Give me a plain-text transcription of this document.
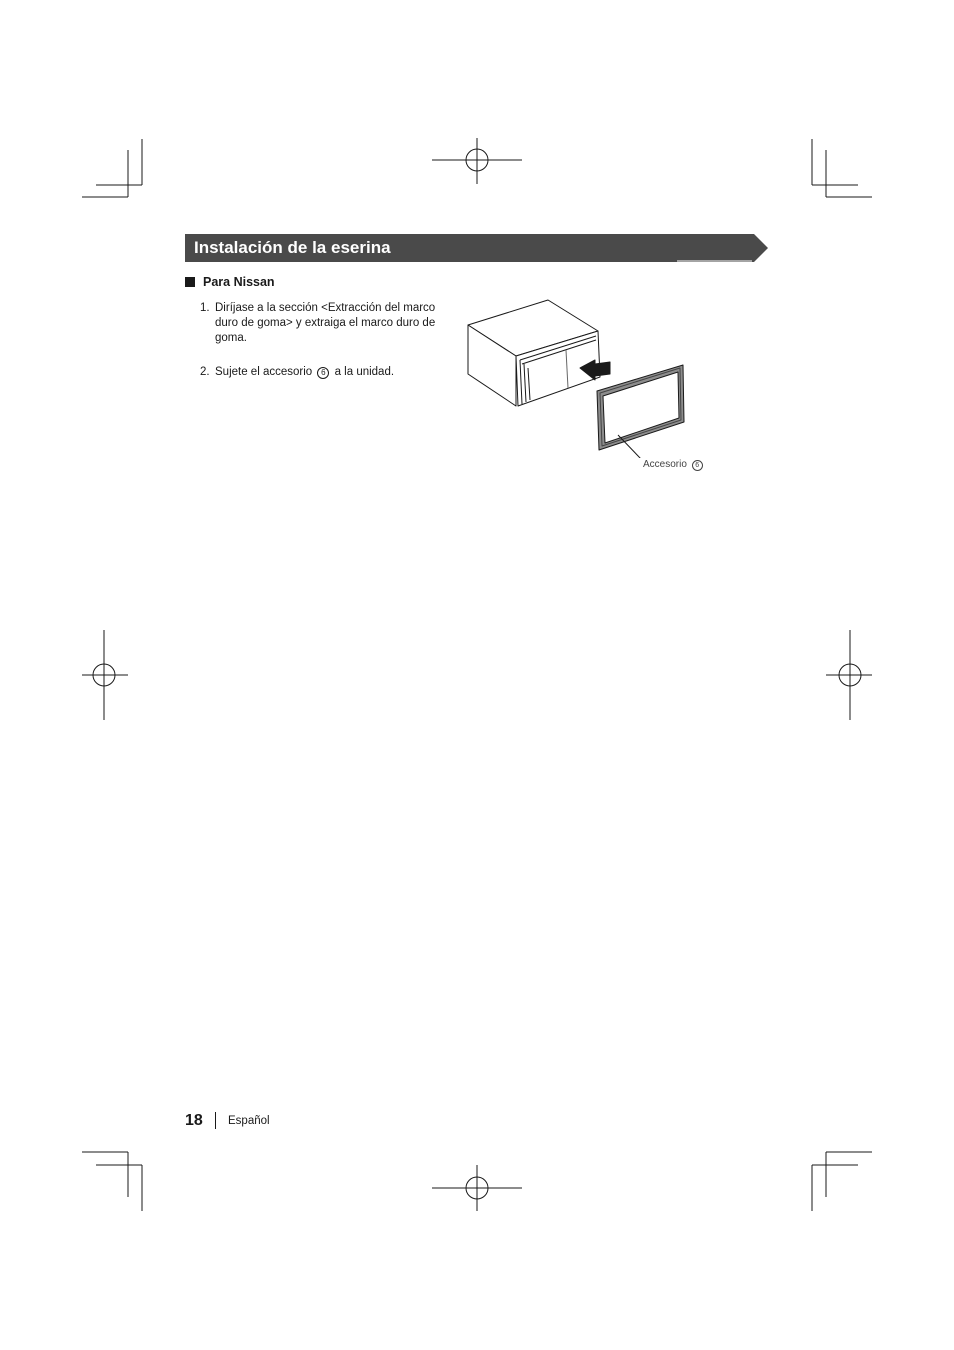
Instalación de la eserina
Para Nissan
1. Diríjase a la sección <Extracción del marco duro de goma> y extraiga el marco duro de goma.
2. Sujete el accesorio 6 a la unidad.
Accesorio 6
18 Español
